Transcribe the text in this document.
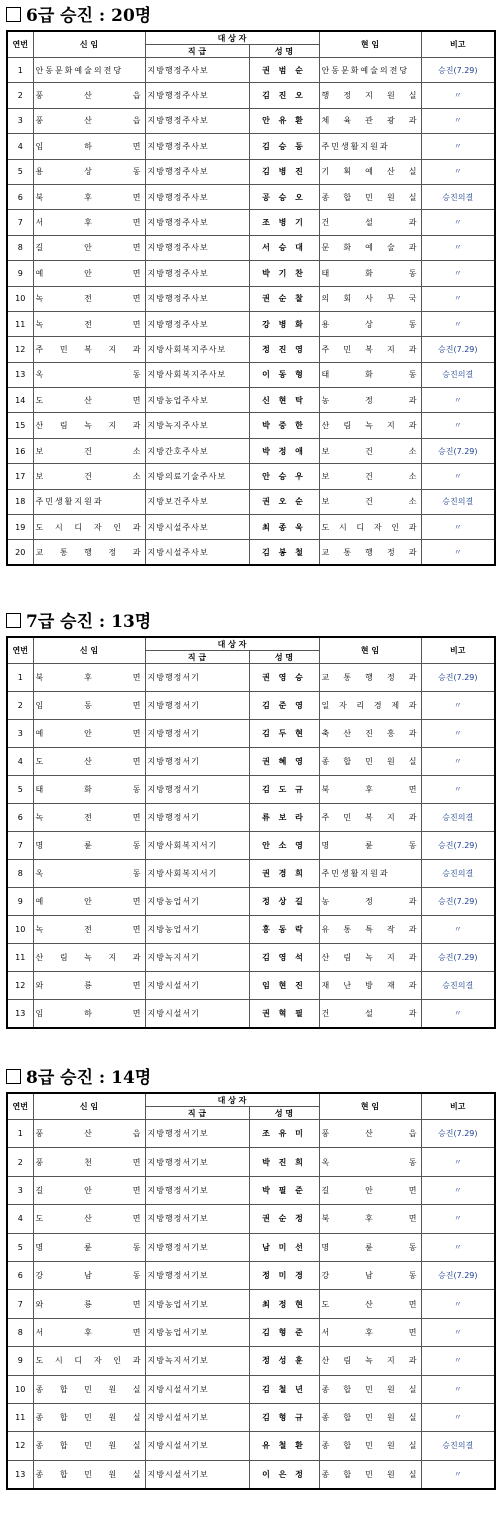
6급 승진 : 20명
연번	신 임	대 상 자		현 임	비고
		직 급	성 명		
1	안동문화예술의전당	지방행정주사보	권 범 순	안동문화예술의전당	승진(7.29)
2	풍 산 읍	지방행정주사보	김 진 오	행 정 지 원 실	〃
3	풍 산 읍	지방행정주사보	안 유 환	체 육 관 광 과	〃
4	임 하 면	지방행정주사보	김 승 동	주민생활지원과	〃
5	용 상 동	지방행정주사보	김 병 진	기 획 예 산 실	〃
6	북 후 면	지방행정주사보	공 승 오	종 합 민 원 실	승진의결
7	서 후 면	지방행정주사보	조 병 기	건 설 과	〃
8	길 안 면	지방행정주사보	서 승 대	문 화 예 술 과	〃
9	예 안 면	지방행정주사보	박 기 찬	태 화 동	〃
10	녹 전 면	지방행정주사보	권 순 찰	의 회 사 무 국	〃
11	녹 전 면	지방행정주사보	강 병 화	용 상 동	〃
12	주 민 복 지 과	지방사회복지주사보	정 진 영	주 민 복 지 과	승진(7.29)
13	옥 동	지방사회복지주사보	이 동 형	태 화 동	승진의결
14	도 산 면	지방농업주사보	신 현 탁	농 정 과	〃
15	산 림 녹 지 과	지방녹지주사보	박 중 한	산 림 녹 지 과	〃
16	보 건 소	지방간호주사보	박 정 애	보 건 소	승진(7.29)
17	보 건 소	지방의료기술주사보	안 승 우	보 건 소	〃
18	주민생활지원과	지방보건주사보	권 오 순	보 건 소	승진의결
19	도 시 디 자 인 과	지방시설주사보	최 종 욱	도 시 디 자 인 과	〃
20	교 통 행 정 과	지방시설주사보	김 봉 철	교 통 행 정 과	〃
7급 승진 : 13명
연번	신 임	대 상 자		현 임	비고
		직 급	성 명		
1	북 후 면	지방행정서기	권 영 승	교 통 행 정 과	승진(7.29)
2	임 동 면	지방행정서기	김 준 영	일 자 리 경 제 과	〃
3	예 안 면	지방행정서기	김 두 현	축 산 진 흥 과	〃
4	도 산 면	지방행정서기	권 혜 영	종 합 민 원 실	〃
5	태 화 동	지방행정서기	김 도 규	북 후 면	〃
6	녹 전 면	지방행정서기	류 보 라	주 민 복 지 과	승진의결
7	명 륜 동	지방사회복지서기	안 소 영	명 륜 동	승진(7.29)
8	옥 동	지방사회복지서기	권 경 희	주민생활지원과	승진의결
9	예 안 면	지방농업서기	정 상 길	농 정 과	승진(7.29)
10	녹 전 면	지방농업서기	홍 동 락	유 통 특 작 과	〃
11	산 림 녹 지 과	지방녹지서기	김 영 석	산 림 녹 지 과	승진(7.29)
12	와 룡 면	지방시설서기	임 현 진	재 난 방 재 과	승진의결
13	임 하 면	지방시설서기	권 혁 필	건 설 과	〃
8급 승진 : 14명
연번	신 임	대 상 자		현 임	비고
		직 급	성 명		
1	풍 산 읍	지방행정서기보	조 유 미	풍 산 읍	승진(7.29)
2	풍 천 면	지방행정서기보	박 진 희	옥 동	〃
3	길 안 면	지방행정서기보	박 필 준	길 안 면	〃
4	도 산 면	지방행정서기보	권 순 정	북 후 면	〃
5	명 륜 동	지방행정서기보	남 미 선	명 륜 동	〃
6	강 남 동	지방행정서기보	정 미 경	강 남 동	승진(7.29)
7	와 룡 면	지방농업서기보	최 정 현	도 산 면	〃
8	서 후 면	지방농업서기보	김 형 준	서 후 면	〃
9	도 시 디 자 인 과	지방녹지서기보	정 성 훈	산 림 녹 지 과	〃
10	종 합 민 원 실	지방시설서기보	김 철 년	종 합 민 원 실	〃
11	종 합 민 원 실	지방시설서기보	김 형 규	종 합 민 원 실	〃
12	종 합 민 원 실	지방시설서기보	유 철 환	종 합 민 원 실	승진의결
13	종 합 민 원 실	지방시설서기보	이 은 정	종 합 민 원 실	〃
